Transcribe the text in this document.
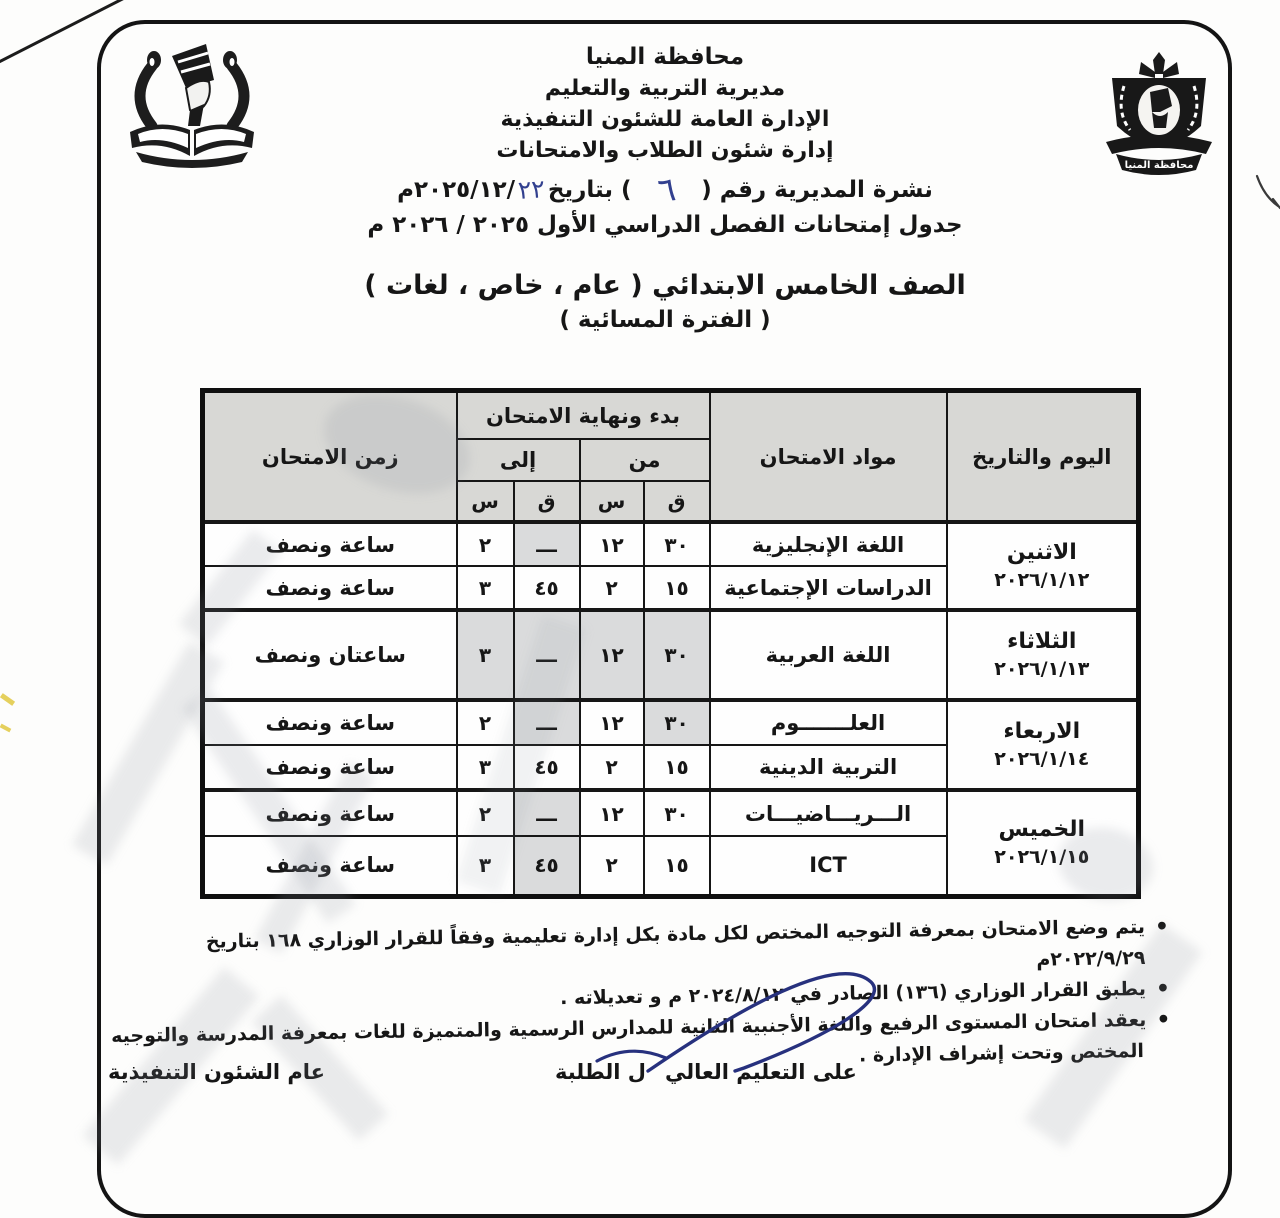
محافظة المنيا
محافظة المنيا
مديرية التربية والتعليم
الإدارة العامة للشئون التنفيذية
إدارة شئون الطلاب والامتحانات
نشرة المديرية رقم (
٦
) بتاريخ
٢٢
٢٠٢٥/١٢/
م
جدول إمتحانات الفصل الدراسي الأول ٢٠٢٥ / ٢٠٢٦ م
الصف الخامس الابتدائي ( عام ، خاص ، لغات )
( الفترة المسائية )
اليوم والتاريخ	مواد الامتحان	بدء ونهاية الامتحان				زمن الامتحان
		من		إلى		
		ق	س	ق	س	

الاثنين
٢٠٢٦/١/١٢	اللغة الإنجليزية	٣٠	١٢	ـــ	٢	ساعة ونصف
	الدراسات الإجتماعية	١٥	٢	٤٥	٣	ساعة ونصف

الثلاثاء
٢٠٢٦/١/١٣	اللغة العربية	٣٠	١٢	ـــ	٣	ساعتان ونصف

الاربعاء
٢٠٢٦/١/١٤	العلـــــــوم	٣٠	١٢	ـــ	٢	ساعة ونصف
	التربية الدينية	١٥	٢	٤٥	٣	ساعة ونصف

الخميس
٢٠٢٦/١/١٥	الـــريـــاضيـــات	٣٠	١٢	ـــ	٢	ساعة ونصف
	ICT	١٥	٢	٤٥	٣	ساعة ونصف
•
يتم وضع الامتحان بمعرفة التوجيه المختص لكل مادة بكل إدارة تعليمية وفقاً للقرار الوزاري ١٦٨ بتاريخ ٢٠٢٢/٩/٢٩م
•
يطبق القرار الوزاري (١٣٦) الصادر في ٢٠٢٤/٨/١٢ م و تعديلاته .
•
يعقد امتحان المستوى الرفيع واللغة الأجنبية الثانية للمدارس الرسمية والمتميزة للغات بمعرفة المدرسة والتوجيه
المختص وتحت إشراف الإدارة .
عام الشئون التنفيذية	ل الطلبة على التعليم العالي
